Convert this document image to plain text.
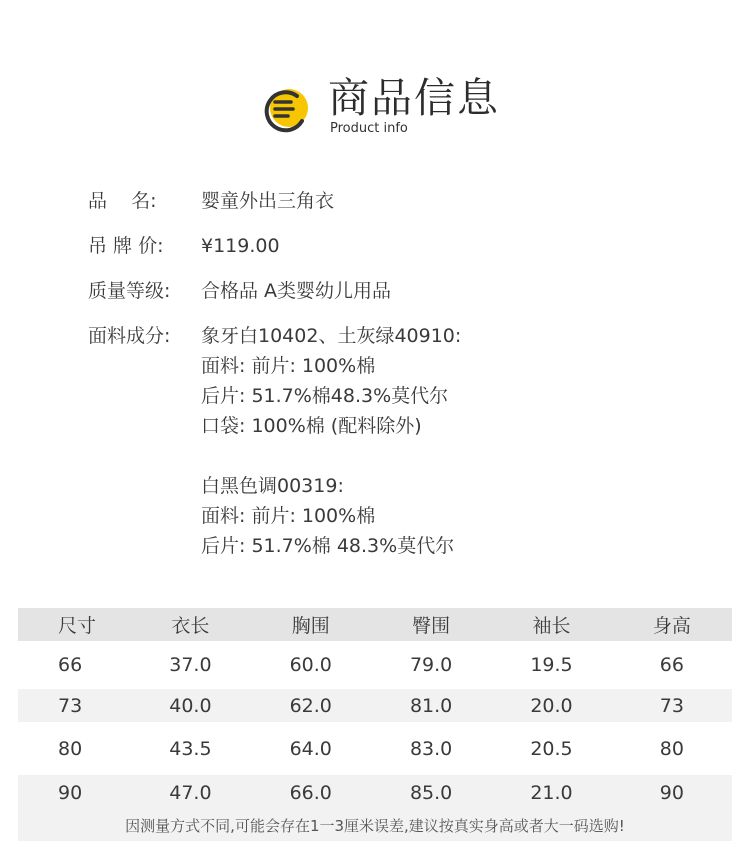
商品信息
Product info
品    名:	婴童外出三角衣
吊 牌 价:	¥119.00
质量等级:	合格品 A类婴幼儿用品
面料成分:	象牙白10402、土灰绿40910:
面料: 前片: 100%棉
后片: 51.7%棉48.3%莫代尔
口袋: 100%棉 (配料除外)
白黑色调00319:
面料: 前片: 100%棉
后片: 51.7%棉 48.3%莫代尔
尺寸	衣长	胸围	臀围	袖长	身高
66	37.0	60.0	79.0	19.5	66
73	40.0	62.0	81.0	20.0	73
80	43.5	64.0	83.0	20.5	80
90	47.0	66.0	85.0	21.0	90
因测量方式不同,可能会存在1一3厘米误差,建议按真实身高或者大一码选购!
